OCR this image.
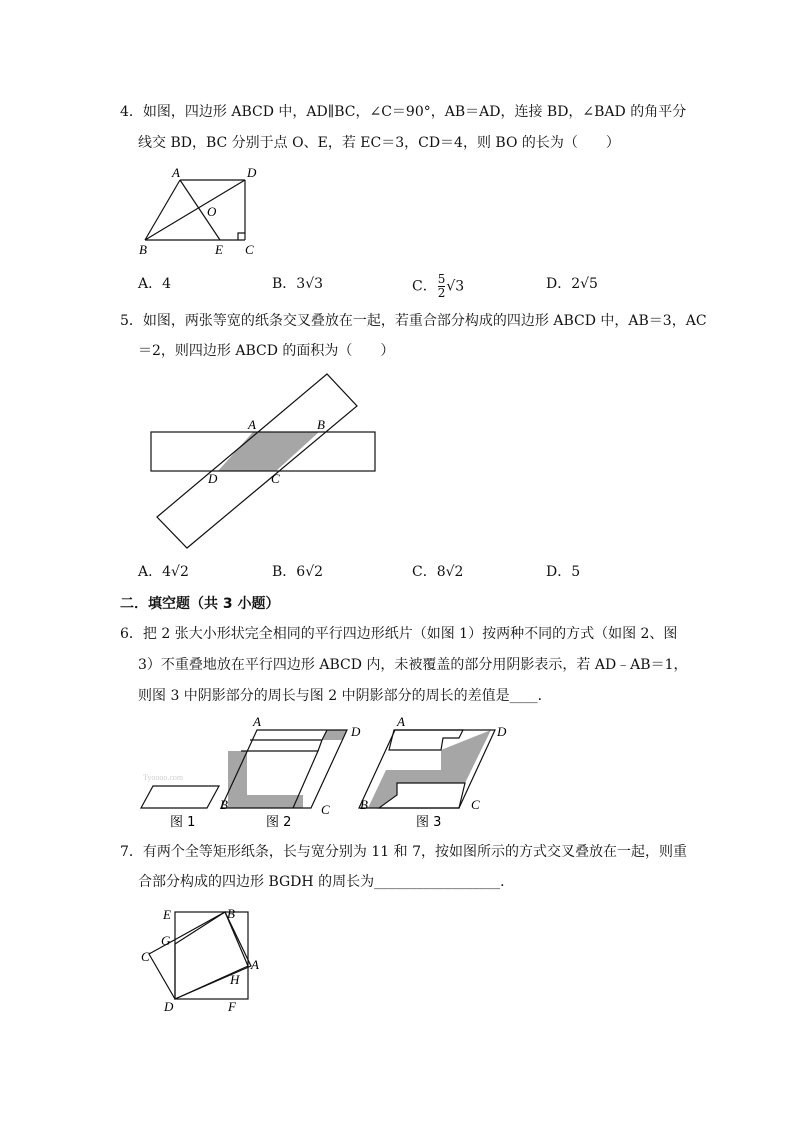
4．如图，四边形 ABCD 中，AD∥BC，∠C＝90°，AB＝AD，连接 BD，∠BAD 的角平分
线交 BD，BC 分别于点 O、E，若 EC＝3，CD＝4，则 BO 的长为（　　）
A	D
O
B	E C
A．4	B．3√3	C． $\frac{5}{2} √3$	D．2√5
5．如图，两张等宽的纸条交叉叠放在一起，若重合部分构成的四边形 ABCD 中，AB＝3，AC
＝2，则四边形 ABCD 的面积为（　　）
A	B
D	C
A．4√2	B．6√2	C．8√2	D．5
二．填空题（共 3 小题）
6．把 2 张大小形状完全相同的平行四边形纸片（如图 1）按两种不同的方式（如图 2、图
3）不重叠地放在平行四边形 ABCD 内，未被覆盖的部分用阴影表示，若 AD﹣AB＝1，
则图 3 中阴影部分的周长与图 2 中阴影部分的周长的差值是____．
Tyoooo.com
A
D
B	C
A
D
B	C
图 1	图 2	图 3
7．有两个全等矩形纸条，长与宽分别为 11 和 7，按如图所示的方式交叉叠放在一起，则重
合部分构成的四边形 BGDH 的周长为__________________．
E	B
G
C
A
H
D	F
